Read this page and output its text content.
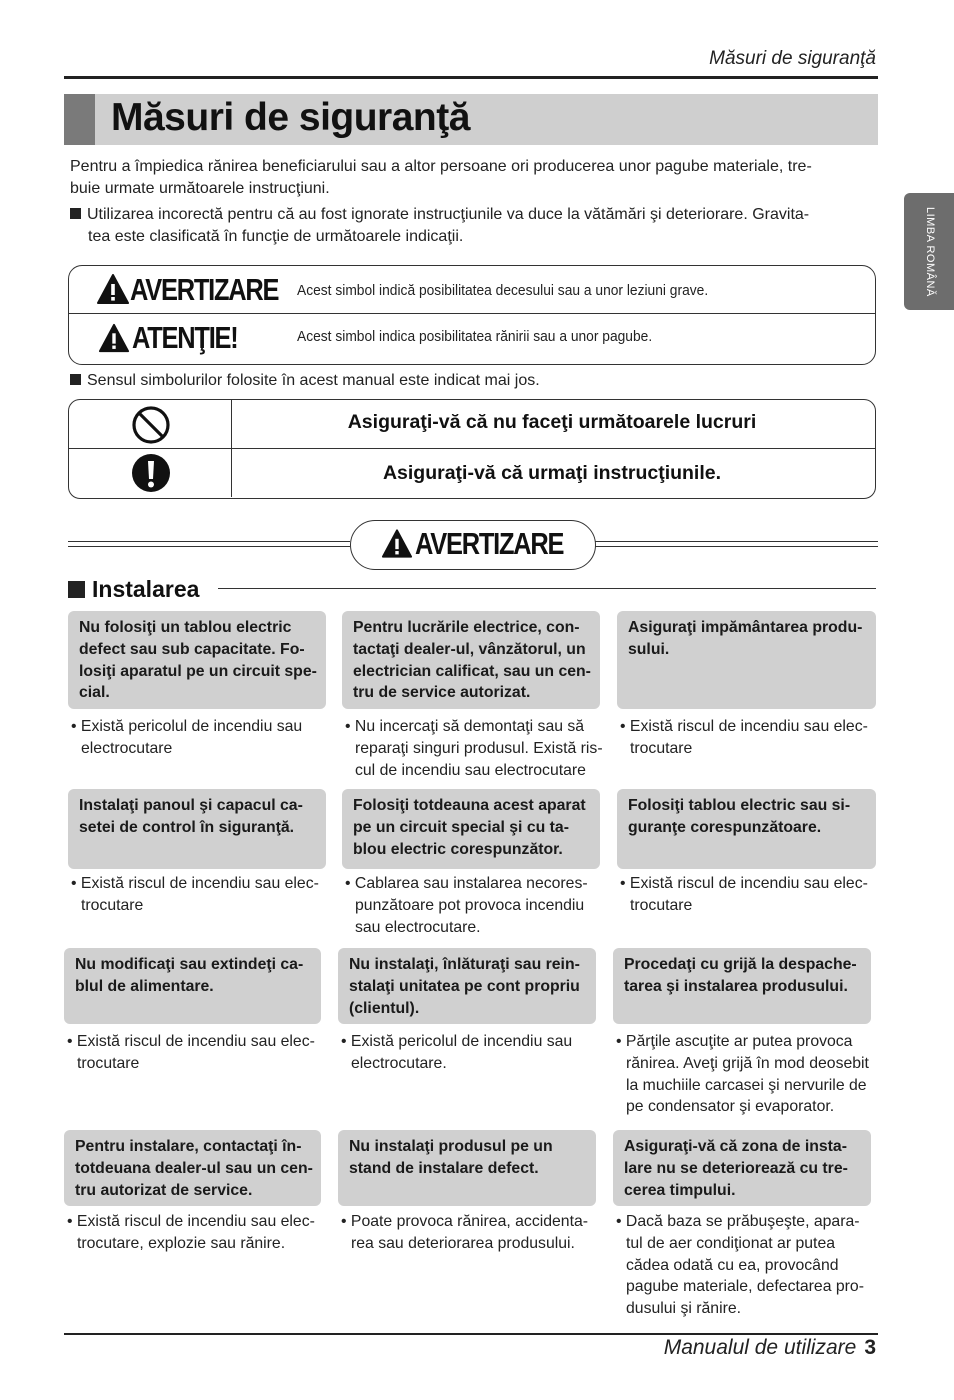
Măsuri de siguranţă
Măsuri de siguranţă
LIMBA ROMÂNĂ
Pentru a împiedica rănirea beneficiarului sau a altor persoane ori producerea unor pagube materiale, tre-
buie urmate următoarele instrucţiuni.
Utilizarea incorectă pentru că au fost ignorate instrucţiunile va duce la vătămări şi deteriorare. Gravita-
tea este clasificată în funcţie de următoarele indicaţii.
AVERTIZARE Acest simbol indică posibilitatea decesului sau a unor leziuni grave.
ATENŢIE!	Acest simbol indica posibilitatea rănirii sau a unor pagube.
Sensul simbolurilor folosite în acest manual este indicat mai jos.
Asiguraţi-vă că nu faceţi următoarele lucruri
Asiguraţi-vă că urmaţi instrucţiunile.
AVERTIZARE
Instalarea
Nu folosiţi un tablou electric
defect sau sub capacitate. Fo-
losiţi aparatul pe un circuit spe-
cial.
• Există pericolul de incendiu sau
electrocutare
Pentru lucrările electrice, con-
tactaţi dealer-ul, vânzătorul, un
electrician calificat, sau un cen-
tru de service autorizat.
• Nu incercaţi să demontaţi sau să
reparaţi singuri produsul. Există ris-
cul de incendiu sau electrocutare
Asiguraţi impământarea produ-
sului.
• Există riscul de incendiu sau elec-
trocutare
Instalaţi panoul şi capacul ca-
setei de control în siguranţă.
• Există riscul de incendiu sau elec-
trocutare
Folosiţi totdeauna acest aparat
pe un circuit special şi cu ta-
blou electric corespunzător.
• Cablarea sau instalarea necores-
punzătoare pot provoca incendiu
sau electrocutare.
Folosiţi tablou electric sau si-
guranţe corespunzătoare.
• Există riscul de incendiu sau elec-
trocutare
Nu modificaţi sau extindeţi ca-
blul de alimentare.
• Există riscul de incendiu sau elec-
trocutare
Nu instalaţi, înlăturaţi sau rein-
stalaţi unitatea pe cont propriu
(clientul).
• Există pericolul de incendiu sau
electrocutare.
Procedaţi cu grijă la despache-
tarea şi instalarea produsului.
• Părţile ascuţite ar putea provoca
rănirea. Aveţi grijă în mod deosebit
la muchiile carcasei şi nervurile de
pe condensator şi evaporator.
Pentru instalare, contactaţi în-
totdeuana dealer-ul sau un cen-
tru autorizat de service.
• Există riscul de incendiu sau elec-
trocutare, explozie sau rănire.
Nu instalaţi produsul pe un
stand de instalare defect.
• Poate provoca rănirea, accidenta-
rea sau deteriorarea produsului.
Asiguraţi-vă că zona de insta-
lare nu se deteriorează cu tre-
cerea timpului.
• Dacă baza se prăbuşeşte, apara-
tul de aer condiţionat ar putea
cădea odată cu ea, provocând
pagube materiale, defectarea pro-
dusului şi rănire.
Manualul de utilizare 3
